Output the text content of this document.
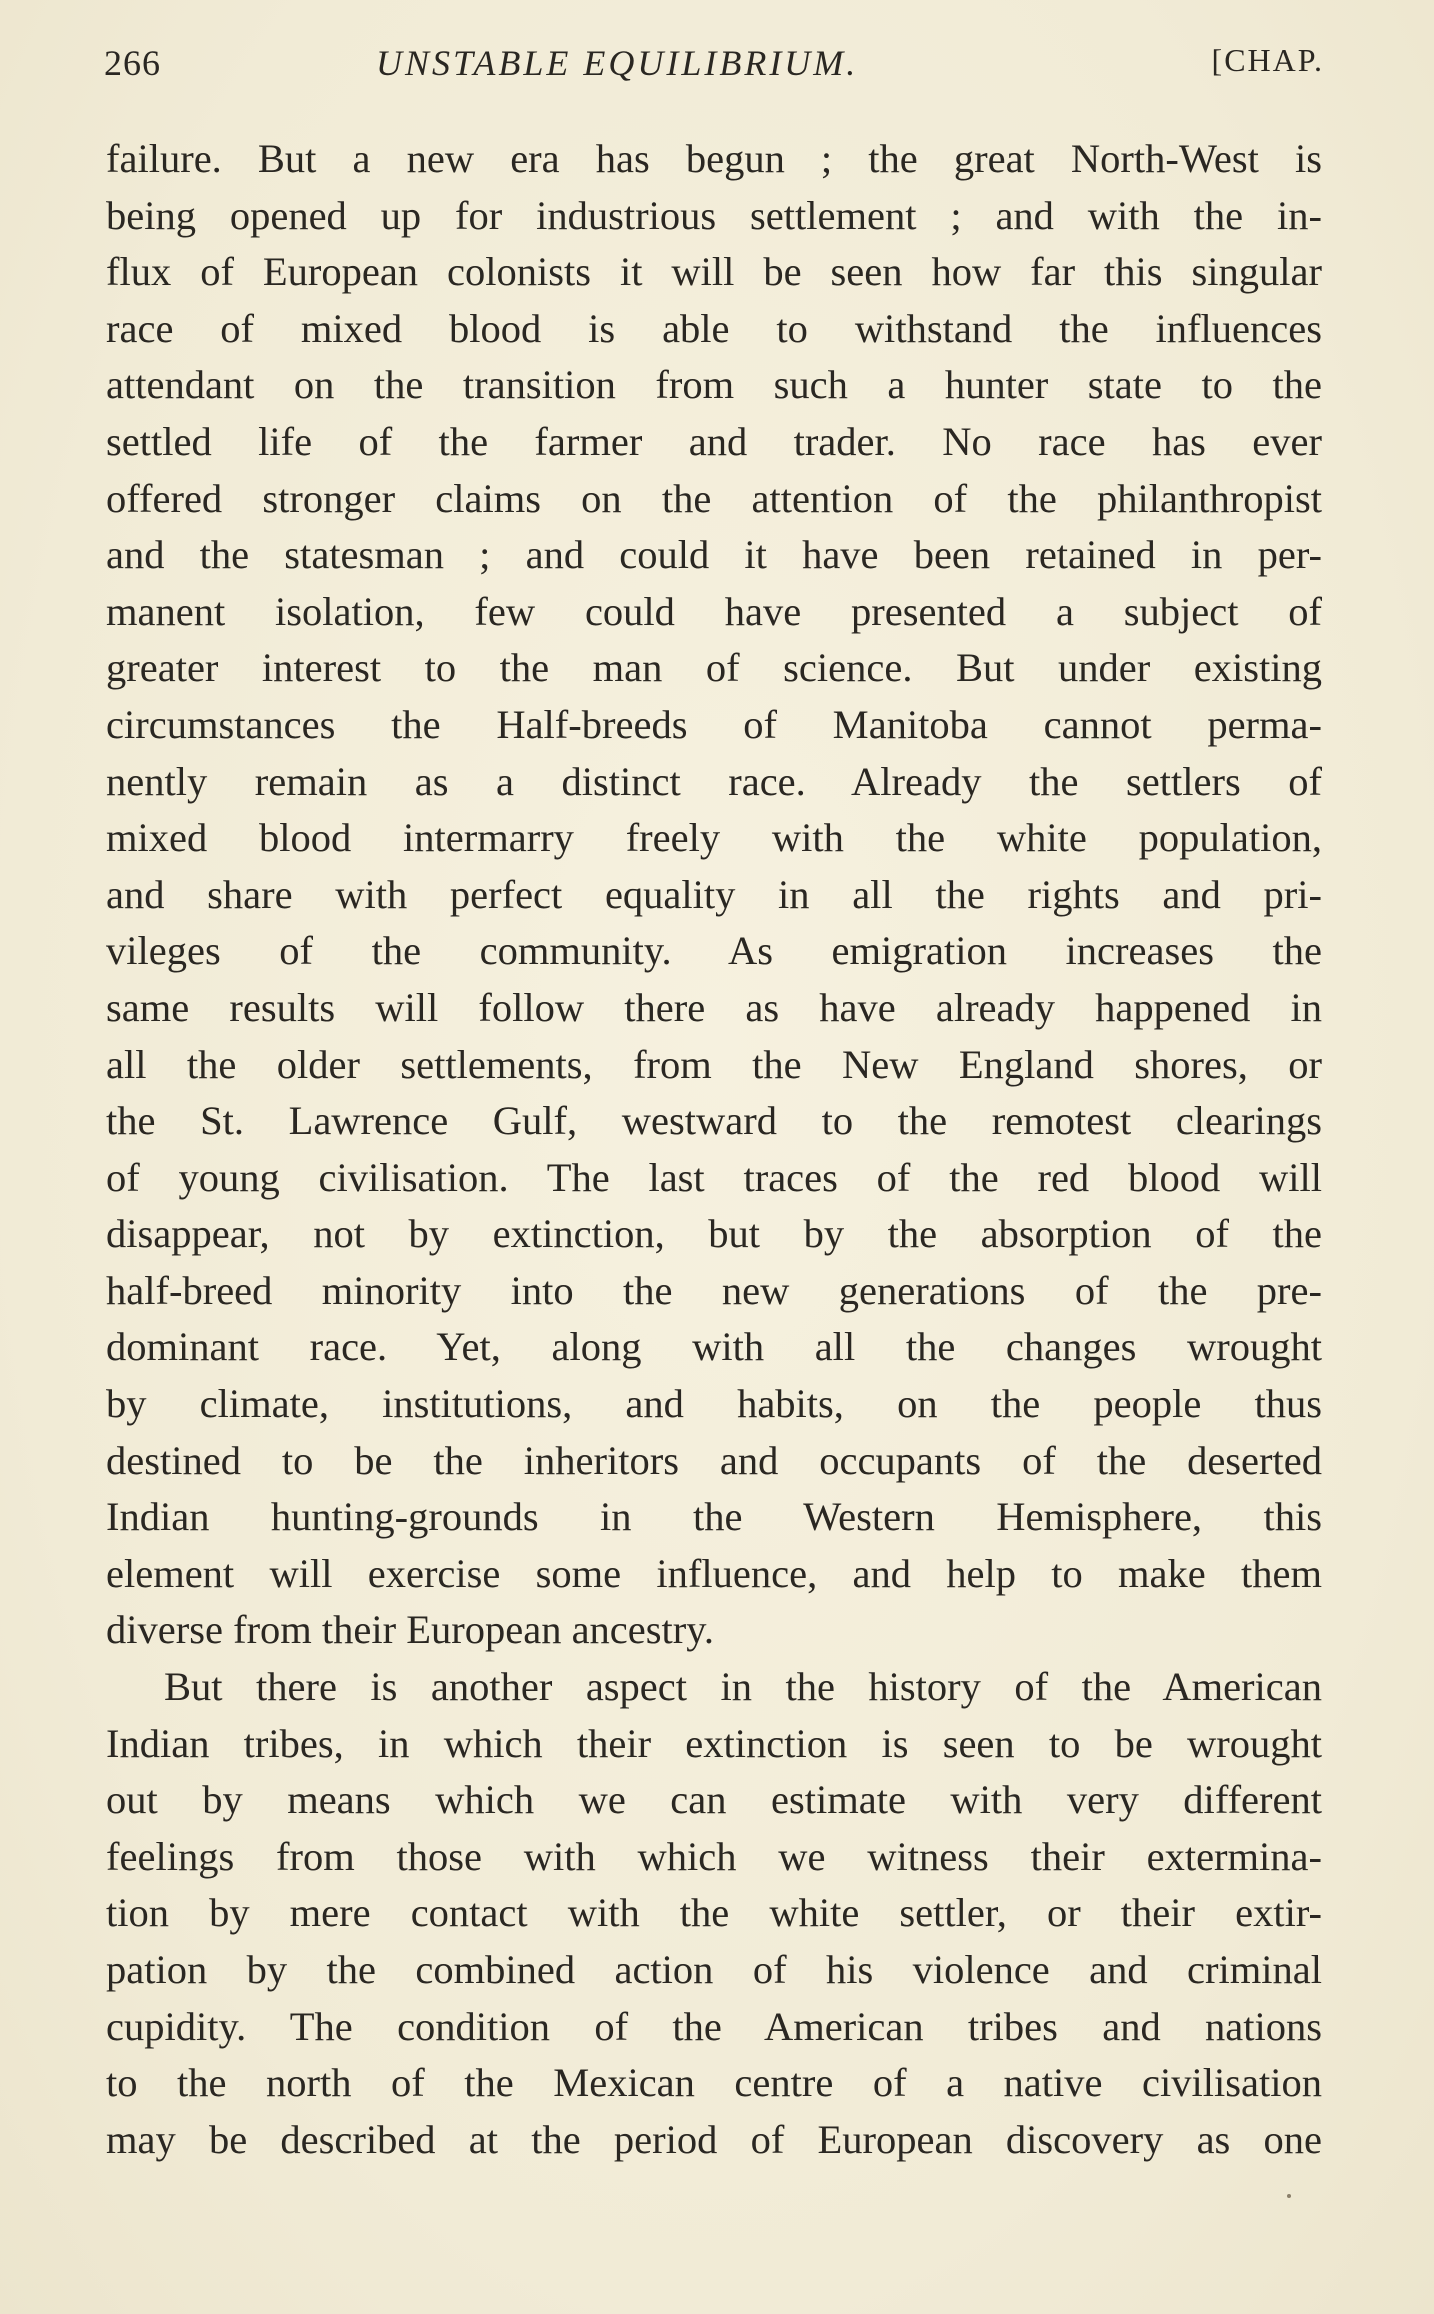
266	UNSTABLE EQUILIBRIUM.	[CHAP.
failure. But a new era has begun ; the great North-West is
being opened up for industrious settlement ; and with the in-
flux of European colonists it will be seen how far this singular
race of mixed blood is able to withstand the influences
attendant on the transition from such a hunter state to the
settled life of the farmer and trader. No race has ever
offered stronger claims on the attention of the philanthropist
and the statesman ; and could it have been retained in per-
manent isolation, few could have presented a subject of
greater interest to the man of science. But under existing
circumstances the Half-breeds of Manitoba cannot perma-
nently remain as a distinct race. Already the settlers of
mixed blood intermarry freely with the white population,
and share with perfect equality in all the rights and pri-
vileges of the community. As emigration increases the
same results will follow there as have already happened in
all the older settlements, from the New England shores, or
the St. Lawrence Gulf, westward to the remotest clearings
of young civilisation. The last traces of the red blood will
disappear, not by extinction, but by the absorption of the
half-breed minority into the new generations of the pre-
dominant race. Yet, along with all the changes wrought
by climate, institutions, and habits, on the people thus
destined to be the inheritors and occupants of the deserted
Indian hunting-grounds in the Western Hemisphere, this
element will exercise some influence, and help to make them
diverse from their European ancestry.
But there is another aspect in the history of the American
Indian tribes, in which their extinction is seen to be wrought
out by means which we can estimate with very different
feelings from those with which we witness their extermina-
tion by mere contact with the white settler, or their extir-
pation by the combined action of his violence and criminal
cupidity. The condition of the American tribes and nations
to the north of the Mexican centre of a native civilisation
may be described at the period of European discovery as one
